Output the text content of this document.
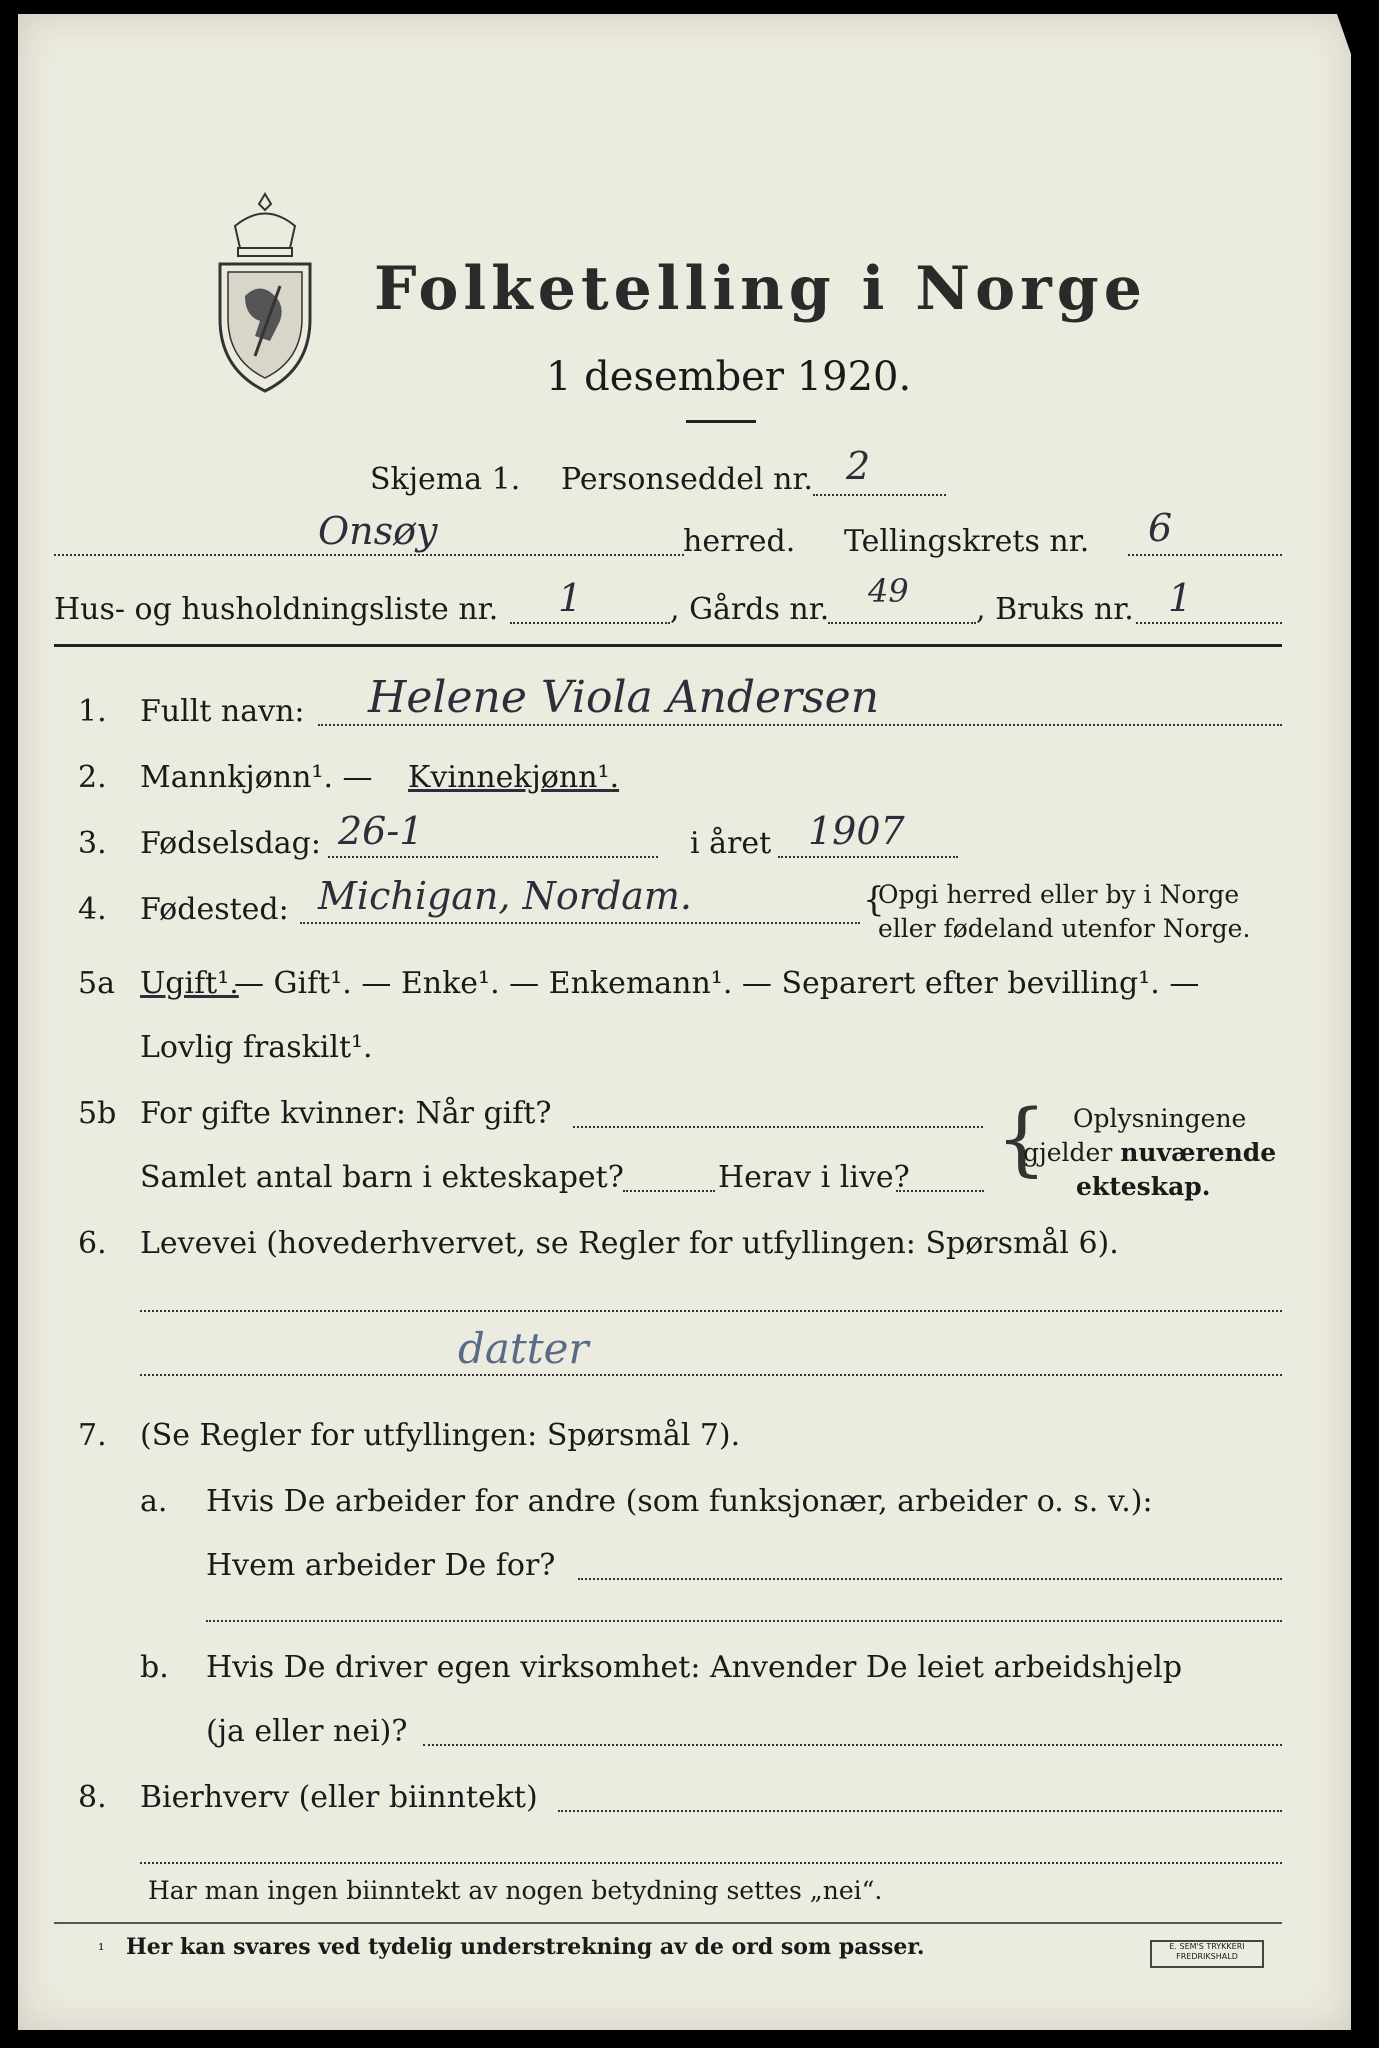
Folketelling i Norge
1 desember 1920.
Skjema 1. Personseddel nr. 2
Onsøy	herred. Tellingskrets nr. 6
Hus- og husholdningsliste nr. 1	, Gårds nr. 49 , Bruks nr. 1
1. Fullt navn: Helene Viola Andersen
2. Mannkjønn¹. — Kvinnekjønn¹.
3. Fødselsdag: 26-1	i året 1907
4. Fødested: Michigan, Nordam.	{
Opgi herred eller by i Norge
eller fødeland utenfor Norge.
5a Ugift¹.
— Gift¹. — Enke¹. — Enkemann¹. — Separert efter bevilling¹. —
Lovlig fraskilt¹.
5b For gifte kvinner: Når gift?
Samlet antal barn i ekteskapet?	Herav i live? { Oplysningene
gjelder nuværende
ekteskap.
6. Levevei (hovederhvervet, se Regler for utfyllingen: Spørsmål 6).
datter
7. (Se Regler for utfyllingen: Spørsmål 7).
a. Hvis De arbeider for andre (som funksjonær, arbeider o. s. v.):
Hvem arbeider De for?
b. Hvis De driver egen virksomhet: Anvender De leiet arbeidshjelp
(ja eller nei)?
8. Bierhverv (eller biinntekt)
Har man ingen biinntekt av nogen betydning settes „nei“.
¹ Her kan svares ved tydelig understrekning av de ord som passer.	E. SEM'S TRYKKERI FREDRIKSHALD
